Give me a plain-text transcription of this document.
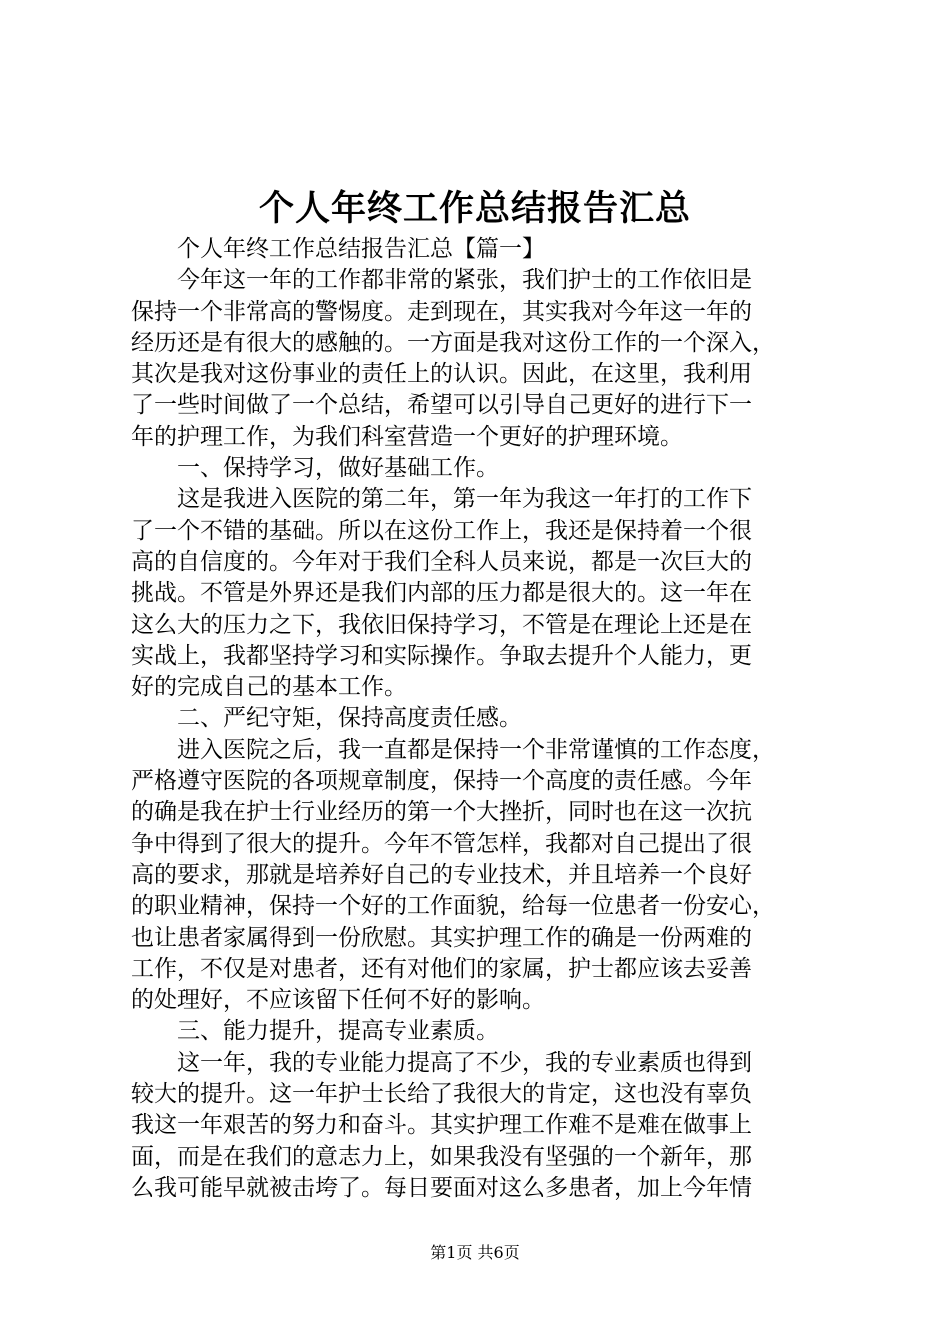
个人年终工作总结报告汇总
个人年终工作总结报告汇总【篇一】
今年这一年的工作都非常的紧张，我们护士的工作依旧是
保持一个非常高的警惕度。走到现在，其实我对今年这一年的
经历还是有很大的感触的。一方面是我对这份工作的一个深入，
其次是我对这份事业的责任上的认识。因此，在这里，我利用
了一些时间做了一个总结，希望可以引导自己更好的进行下一
年的护理工作，为我们科室营造一个更好的护理环境。
一、保持学习，做好基础工作。
这是我进入医院的第二年，第一年为我这一年打的工作下
了一个不错的基础。所以在这份工作上，我还是保持着一个很
高的自信度的。今年对于我们全科人员来说，都是一次巨大的
挑战。不管是外界还是我们内部的压力都是很大的。这一年在
这么大的压力之下，我依旧保持学习，不管是在理论上还是在
实战上，我都坚持学习和实际操作。争取去提升个人能力，更
好的完成自己的基本工作。
二、严纪守矩，保持高度责任感。
进入医院之后，我一直都是保持一个非常谨慎的工作态度，
严格遵守医院的各项规章制度，保持一个高度的责任感。今年
的确是我在护士行业经历的第一个大挫折，同时也在这一次抗
争中得到了很大的提升。今年不管怎样，我都对自己提出了很
高的要求，那就是培养好自己的专业技术，并且培养一个良好
的职业精神，保持一个好的工作面貌，给每一位患者一份安心，
也让患者家属得到一份欣慰。其实护理工作的确是一份两难的
工作，不仅是对患者，还有对他们的家属，护士都应该去妥善
的处理好，不应该留下任何不好的影响。
三、能力提升，提高专业素质。
这一年，我的专业能力提高了不少，我的专业素质也得到
较大的提升。这一年护士长给了我很大的肯定，这也没有辜负
我这一年艰苦的努力和奋斗。其实护理工作难不是难在做事上
面，而是在我们的意志力上，如果我没有坚强的一个新年，那
么我可能早就被击垮了。每日要面对这么多患者，加上今年情
第1页 共6页
